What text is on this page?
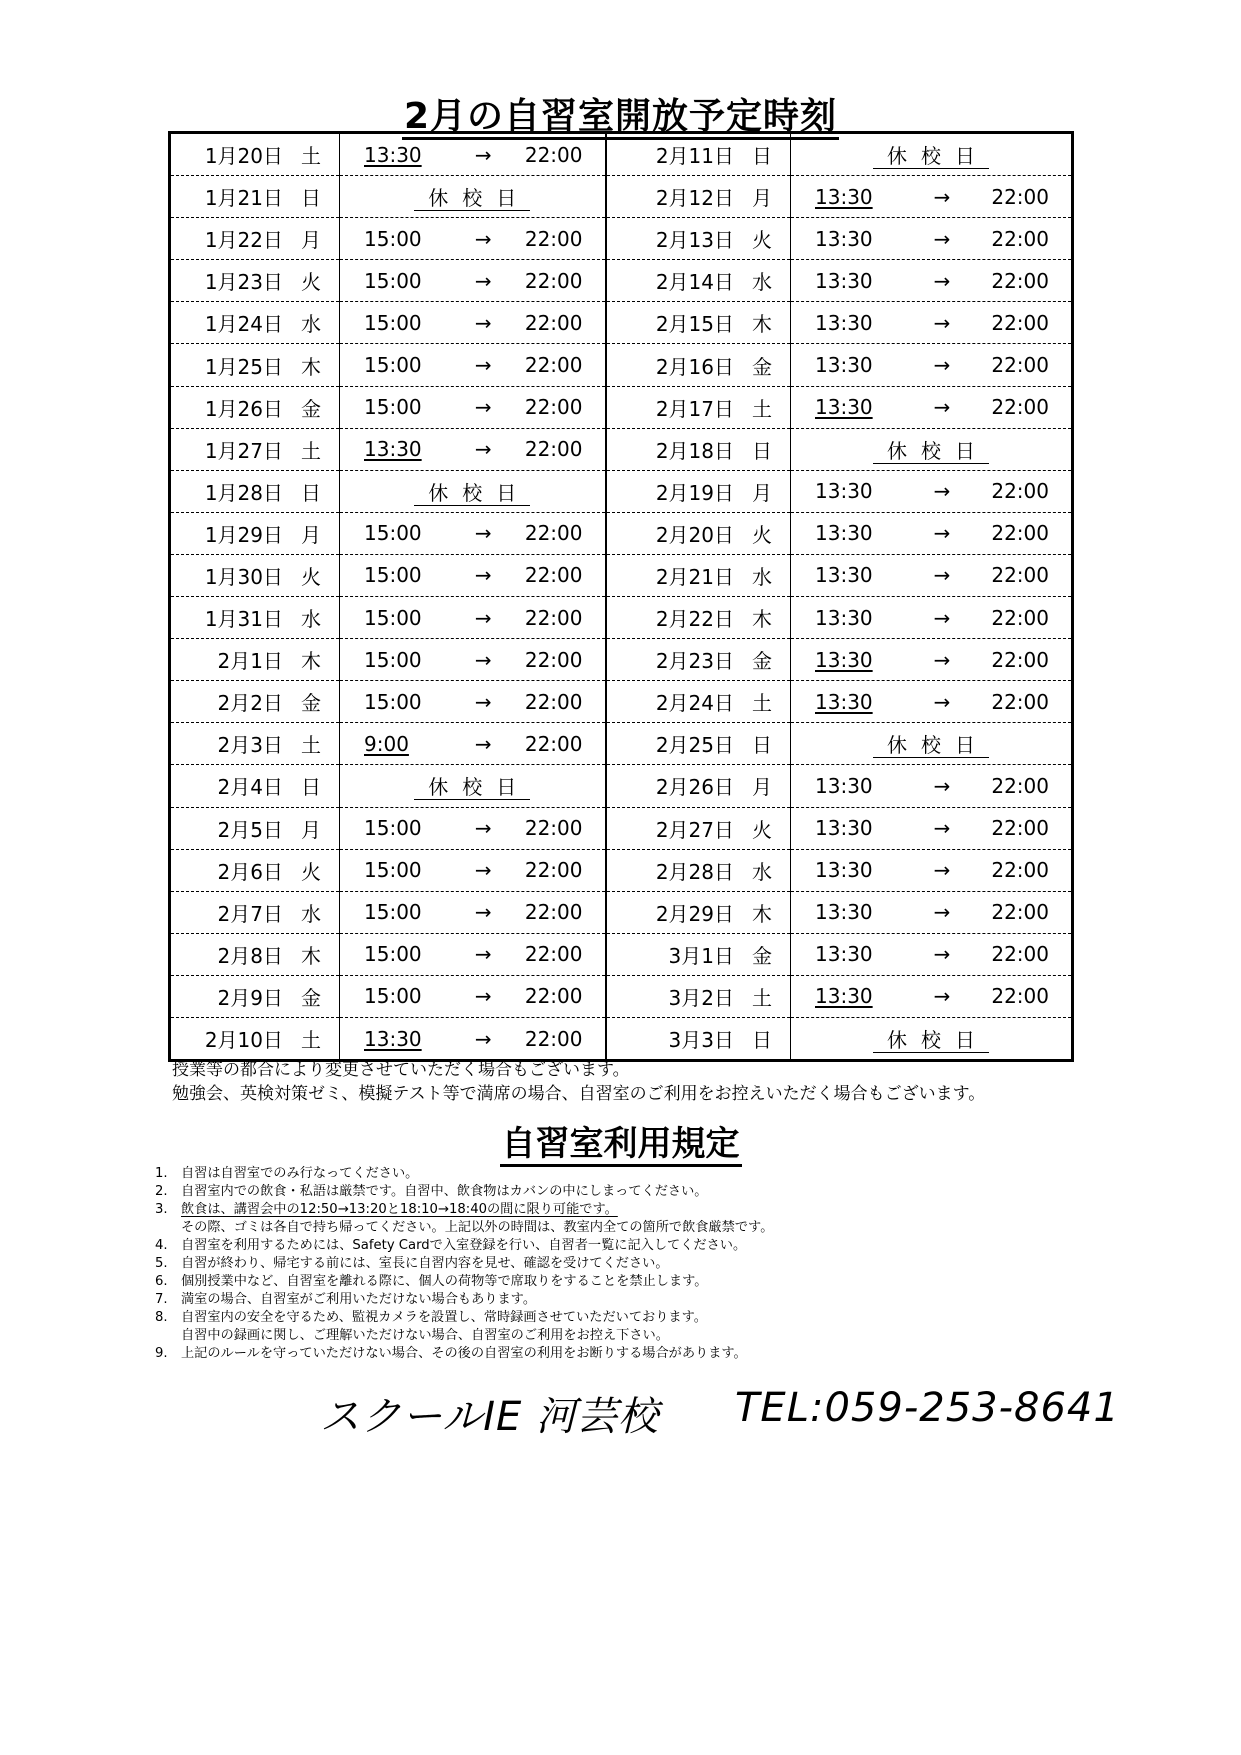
2月の自習室開放予定時刻
1月20日 土	13:30 → 22:00	2月11日 日	休校日
1月21日 日	休校日	2月12日 月	13:30 → 22:00

1月22日 月	15:00 → 22:00	2月13日 火	13:30 → 22:00

1月23日 火	15:00 → 22:00	2月14日 水	13:30 → 22:00

1月24日 水	15:00 → 22:00	2月15日 木	13:30 → 22:00

1月25日 木	15:00 → 22:00	2月16日 金	13:30 → 22:00

1月26日 金	15:00 → 22:00	2月17日 土	13:30 → 22:00

1月27日 土	13:30 → 22:00	2月18日 日	休校日
1月28日 日	休校日	2月19日 月	13:30 → 22:00

1月29日 月	15:00 → 22:00	2月20日 火	13:30 → 22:00

1月30日 火	15:00 → 22:00	2月21日 水	13:30 → 22:00

1月31日 水	15:00 → 22:00	2月22日 木	13:30 → 22:00

2月1日 木	15:00 → 22:00	2月23日 金	13:30 → 22:00

2月2日 金	15:00 → 22:00	2月24日 土	13:30 → 22:00

2月3日 土	9:00 → 22:00	2月25日 日	休校日
2月4日 日	休校日	2月26日 月	13:30 → 22:00

2月5日 月	15:00 → 22:00	2月27日 火	13:30 → 22:00

2月6日 火	15:00 → 22:00	2月28日 水	13:30 → 22:00

2月7日 水	15:00 → 22:00	2月29日 木	13:30 → 22:00

2月8日 木	15:00 → 22:00	3月1日 金	13:30 → 22:00

2月9日 金	15:00 → 22:00	3月2日 土	13:30 → 22:00

2月10日 土	13:30 → 22:00	3月3日 日	休校日
授業等の都合により変更させていただく場合もございます。
勉強会、英検対策ゼミ、模擬テスト等で満席の場合、自習室のご利用をお控えいただく場合もございます。
自習室利用規定
1.	自習は自習室でのみ行なってください。
2.	自習室内での飲食・私語は厳禁です。自習中、飲食物はカバンの中にしまってください。
3.	飲食は、講習会中の12:50→13:20と18:10→18:40の間に限り可能です。
その際、ゴミは各自で持ち帰ってください。上記以外の時間は、教室内全ての箇所で飲食厳禁です。
4.	自習室を利用するためには、Safety Cardで入室登録を行い、自習者一覧に記入してください。
5.	自習が終わり、帰宅する前には、室長に自習内容を見せ、確認を受けてください。
6.	個別授業中など、自習室を離れる際に、個人の荷物等で席取りをすることを禁止します。
7.	満室の場合、自習室がご利用いただけない場合もあります。
8.	自習室内の安全を守るため、監視カメラを設置し、常時録画させていただいております。
自習中の録画に関し、ご理解いただけない場合、自習室のご利用をお控え下さい。
9.	上記のルールを守っていただけない場合、その後の自習室の利用をお断りする場合があります。
スクールIE 河芸校 TEL:059-253-8641
